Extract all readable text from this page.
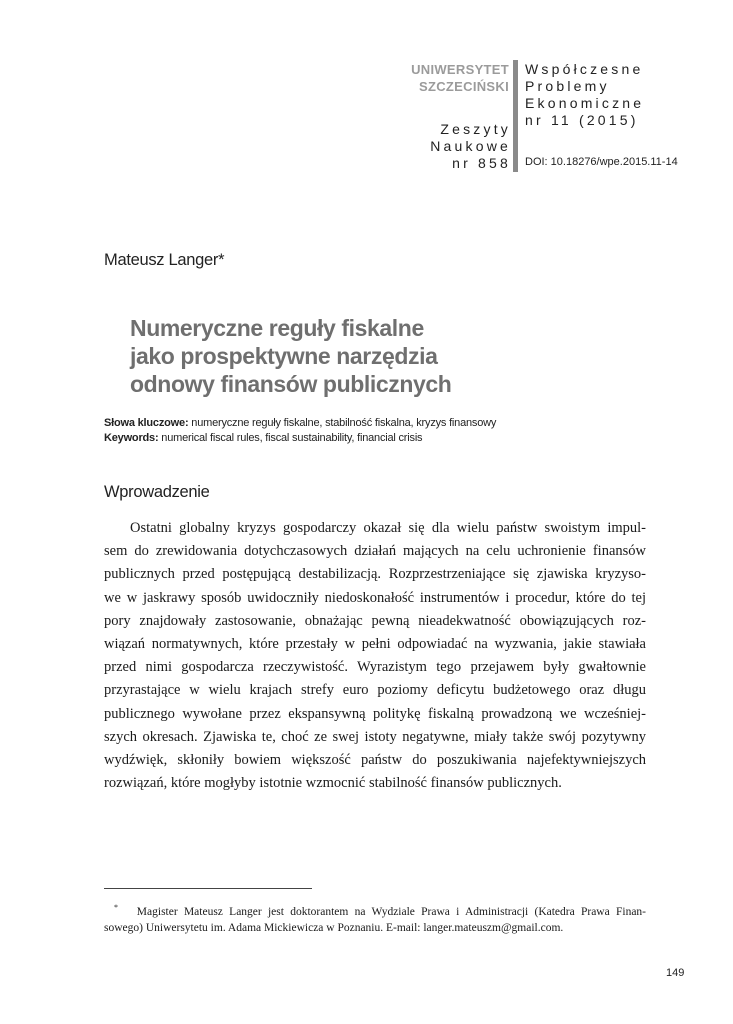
UNIWERSYTET
SZCZECIŃSKI
Zeszyty
Naukowe
nr 858
Współczesne
Problemy
Ekonomiczne
nr 11 (2015)
DOI: 10.18276/wpe.2015.11-14
Mateusz Langer*
Numeryczne reguły fiskalne
jako prospektywne narzędzia
odnowy finansów publicznych
Słowa kluczowe: numeryczne reguły fiskalne, stabilność fiskalna, kryzys finansowy
Keywords: numerical fiscal rules, fiscal sustainability, financial crisis
Wprowadzenie
Ostatni globalny kryzys gospodarczy okazał się dla wielu państw swoistym impul-
sem do zrewidowania dotychczasowych działań mających na celu uchronienie finansów
publicznych przed postępującą destabilizacją. Rozprzestrzeniające się zjawiska kryzyso-
we w jaskrawy sposób uwidoczniły niedoskonałość instrumentów i procedur, które do tej
pory znajdowały zastosowanie, obnażając pewną nieadekwatność obowiązujących roz-
wiązań normatywnych, które przestały w pełni odpowiadać na wyzwania, jakie stawiała
przed nimi gospodarcza rzeczywistość. Wyrazistym tego przejawem były gwałtownie
przyrastające w wielu krajach strefy euro poziomy deficytu budżetowego oraz długu
publicznego wywołane przez ekspansywną politykę fiskalną prowadzoną we wcześniej-
szych okresach. Zjawiska te, choć ze swej istoty negatywne, miały także swój pozytywny
wydźwięk, skłoniły bowiem większość państw do poszukiwania najefektywniejszych
rozwiązań, które mogłyby istotnie wzmocnić stabilność finansów publicznych.
* Magister Mateusz Langer jest doktorantem na Wydziale Prawa i Administracji (Katedra Prawa Finan-
sowego) Uniwersytetu im. Adama Mickiewicza w Poznaniu. E-mail: langer.mateuszm@gmail.com.
149
